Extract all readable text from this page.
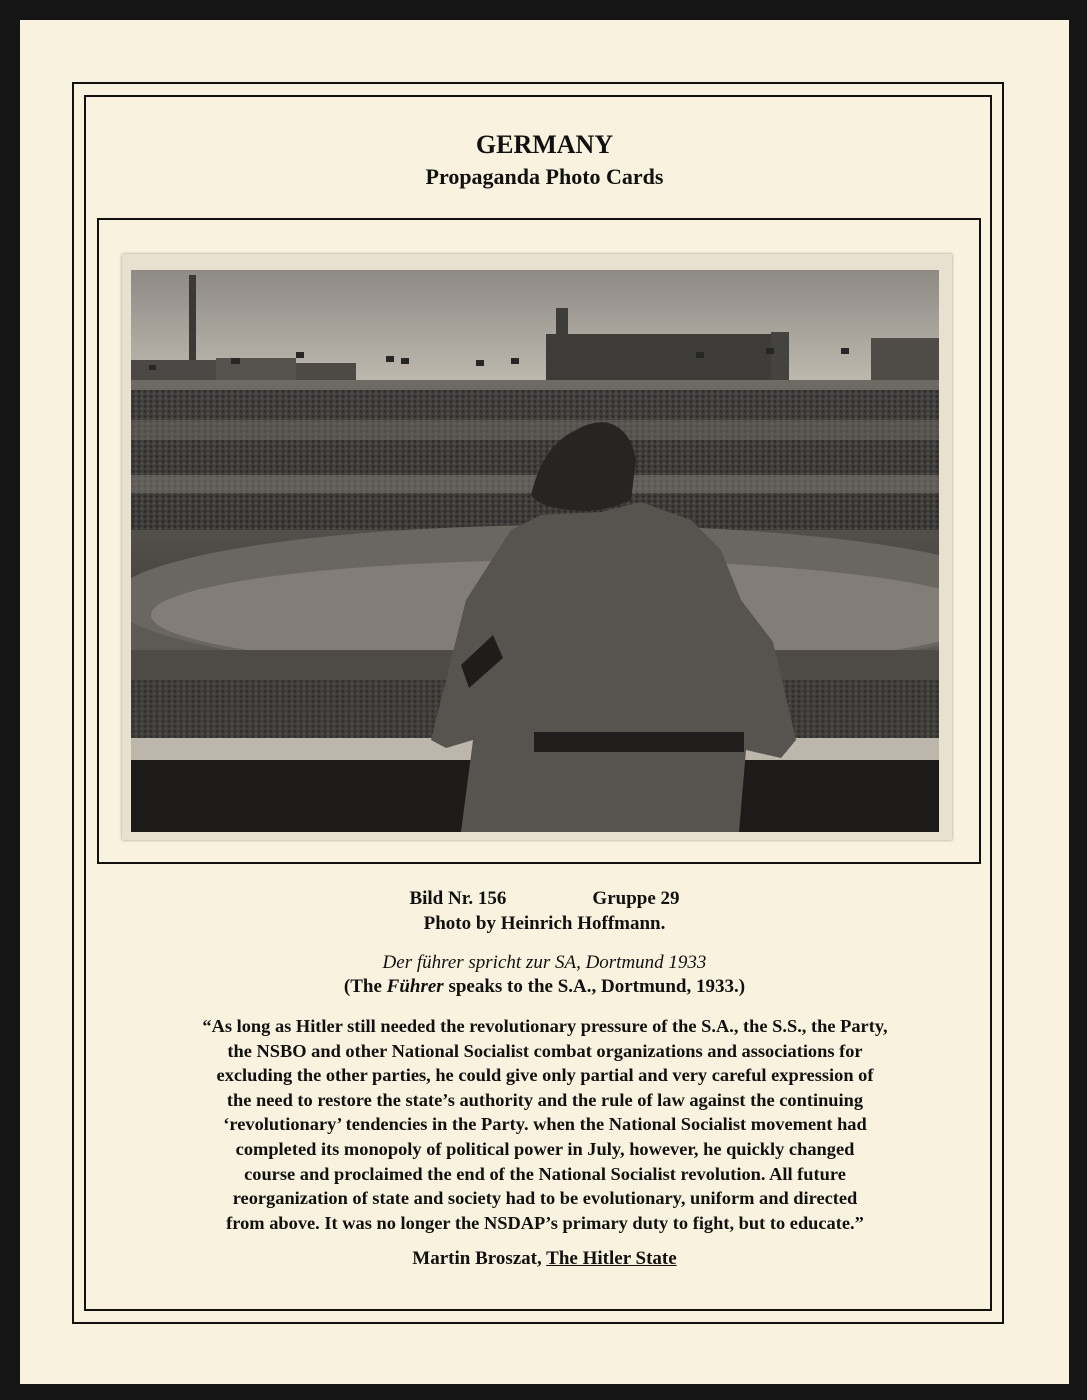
GERMANY
Propaganda Photo Cards
Bild Nr. 156	Gruppe 29
Photo by Heinrich Hoffmann.
Der führer spricht zur SA, Dortmund 1933
(The Führer speaks to the S.A., Dortmund, 1933.)
“As long as Hitler still needed the revolutionary pressure of the S.A., the S.S., the Party,
the NSBO and other National Socialist combat organizations and associations for
excluding the other parties, he could give only partial and very careful expression of
the need to restore the state’s authority and the rule of law against the continuing
‘revolutionary’ tendencies in the Party. when the National Socialist movement had
completed its monopoly of political power in July, however, he quickly changed
course and proclaimed the end of the National Socialist revolution. All future
reorganization of state and society had to be evolutionary, uniform and directed
from above. It was no longer the NSDAP’s primary duty to fight, but to educate.”
Martin Broszat, The Hitler State
